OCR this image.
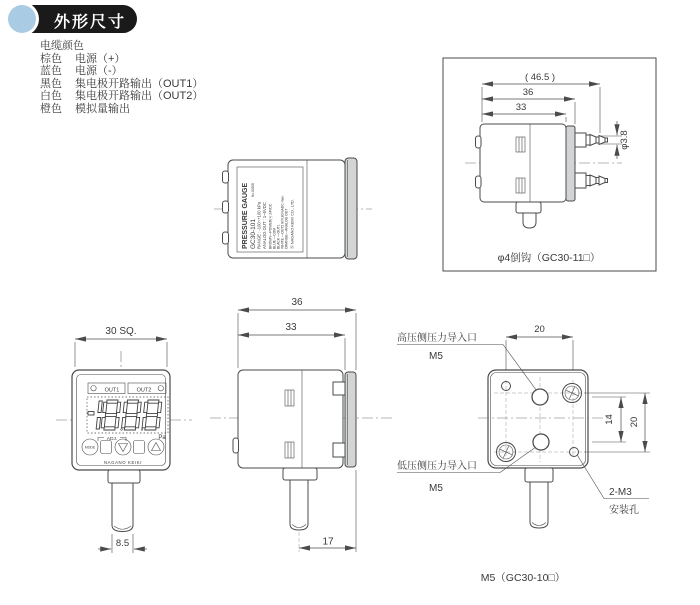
外形尺寸
电缆颜色
棕色	电源（+）
蓝色	电源（-）
黑色	集电极开路输出（OUT1）
白色	集电极开路输出（OUT2）
橙色	模拟量输出
PRESSURE GAUGE GC30-101
No.00308
RANGE : -100~+100 kPa ANALOG OUT : 1~5VDC BROWN—POWER(+) 24VDC BLUE —COM BLACK —OUT1 WHITE —OUT2 80V,80mADC max. ORANGE—ANALOG OUT Ⓝ NAGANO KEIKI CO., LTD.
( 46.5 )
36
33
φ3.8
φ4倒钩（GC30-11□）
30 SQ.
OUT1	OUT2
ADJ.	Pa
MODE
NAGANO KEIKI
8.5
36
33
17
20
14 20
高压侧压力导入口
M5
低压侧压力导入口
M5	2-M3
安装孔
M5（GC30-10□）
